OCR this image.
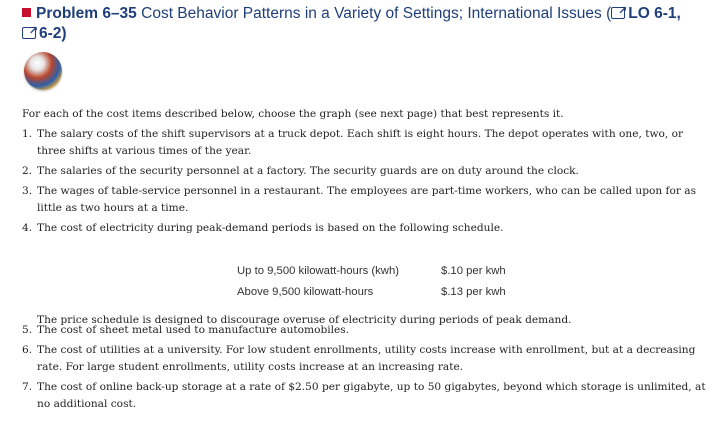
Problem 6–35 Cost Behavior Patterns in a Variety of Settings; International Issues (↗ LO 6-1,
↗6-2)
For each of the cost items described below, choose the graph (see next page) that best represents it.
1. The salary costs of the shift supervisors at a truck depot. Each shift is eight hours. The depot operates with one, two, or three shifts at various times of the year.
2. The salaries of the security personnel at a factory. The security guards are on duty around the clock.
3. The wages of table-service personnel in a restaurant. The employees are part-time workers, who can be called upon for as little as two hours at a time.
4. The cost of electricity during peak-demand periods is based on the following schedule.
5. The cost of sheet metal used to manufacture automobiles.
6. The cost of utilities at a university. For low student enrollments, utility costs increase with enrollment, but at a decreasing rate. For large student enrollments, utility costs increase at an increasing rate.
7. The cost of online back-up storage at a rate of $2.50 per gigabyte, up to 50 gigabytes, beyond which storage is unlimited, at no additional cost.
Up to 9,500 kilowatt-hours (kwh)	$.10 per kwh
Above 9,500 kilowatt-hours	$.13 per kwh
The price schedule is designed to discourage overuse of electricity during periods of peak demand.
